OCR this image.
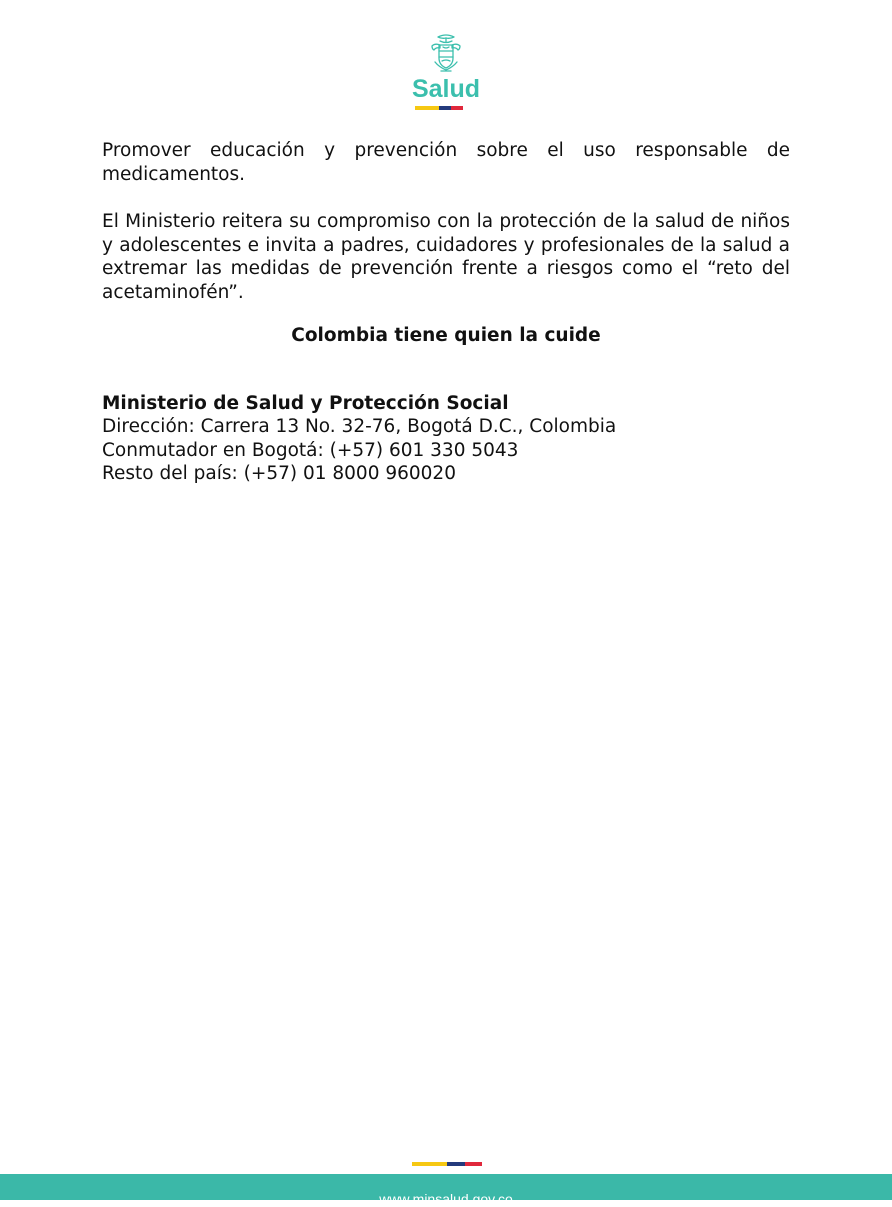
Salud

Promover educación y prevención sobre el uso responsable de medicamentos.

El Ministerio reitera su compromiso con la protección de la salud de niños y adolescentes e invita a padres, cuidadores y profesionales de la salud a extremar las medidas de prevención frente a riesgos como el “reto del acetaminofén”.

Colombia tiene quien la cuide

Ministerio de Salud y Protección Social
Dirección: Carrera 13 No. 32-76, Bogotá D.C., Colombia
Conmutador en Bogotá: (+57) 601 330 5043
Resto del país: (+57) 01 8000 960020
www.minsalud.gov.co
